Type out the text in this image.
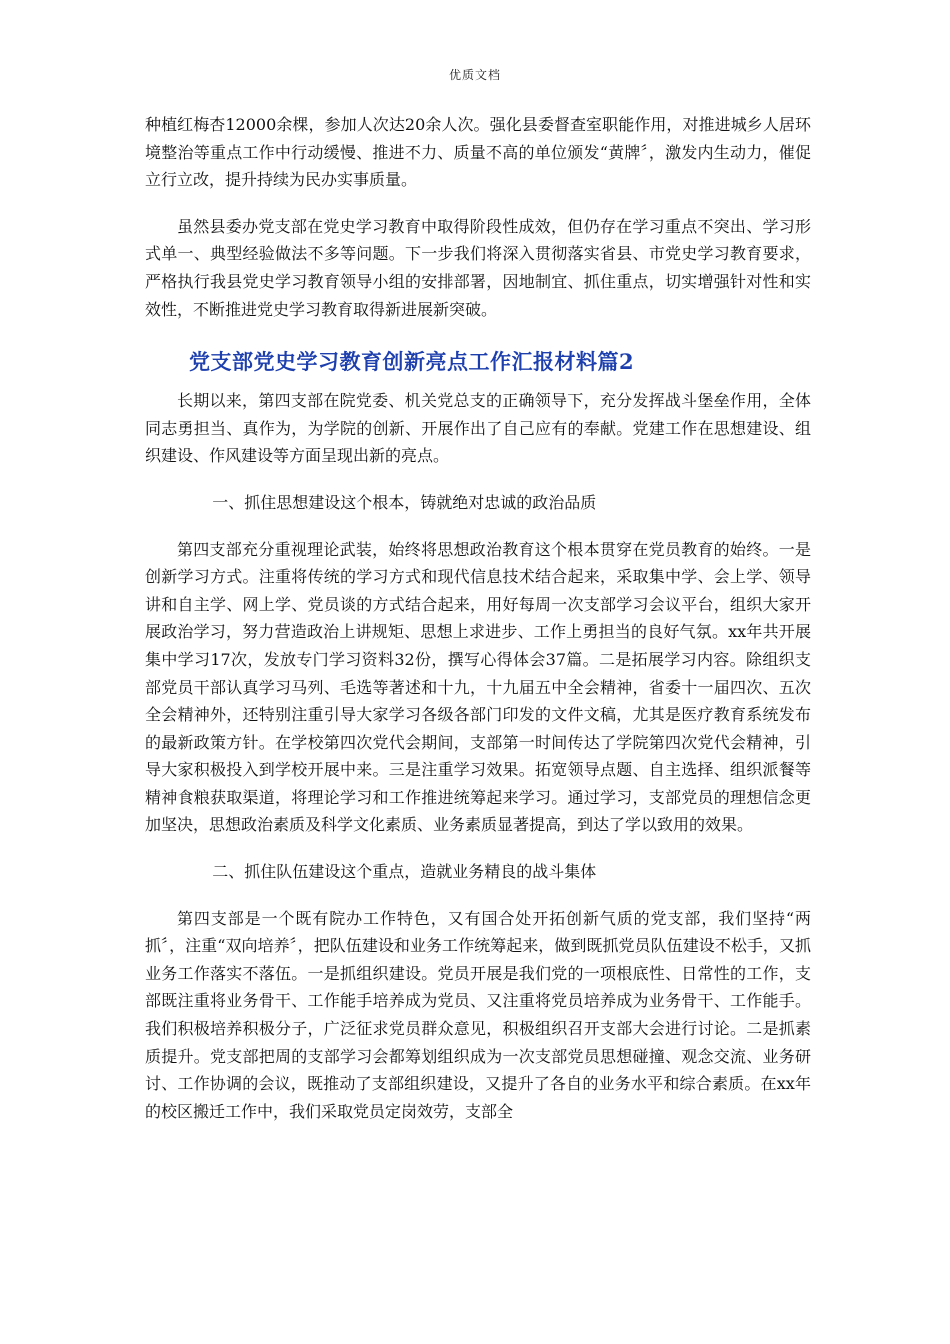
优质文档

种植红梅杏12000余棵，参加人次达20余人次。强化县委督查室职能作用，对推进城乡人居环境整治等重点工作中行动缓慢、推进不力、质量不高的单位颁发“黄牌〞，激发内生动力，催促立行立改，提升持续为民办实事质量。

虽然县委办党支部在党史学习教育中取得阶段性成效，但仍存在学习重点不突出、学习形式单一、典型经验做法不多等问题。下一步我们将深入贯彻落实省县、市党史学习教育要求，严格执行我县党史学习教育领导小组的安排部署，因地制宜、抓住重点，切实增强针对性和实效性，不断推进党史学习教育取得新进展新突破。

党支部党史学习教育创新亮点工作汇报材料篇2

长期以来，第四支部在院党委、机关党总支的正确领导下，充分发挥战斗堡垒作用，全体同志勇担当、真作为，为学院的创新、开展作出了自己应有的奉献。党建工作在思想建设、组织建设、作风建设等方面呈现出新的亮点。

一、抓住思想建设这个根本，铸就绝对忠诚的政治品质

第四支部充分重视理论武装，始终将思想政治教育这个根本贯穿在党员教育的始终。一是创新学习方式。注重将传统的学习方式和现代信息技术结合起来，采取集中学、会上学、领导讲和自主学、网上学、党员谈的方式结合起来，用好每周一次支部学习会议平台，组织大家开展政治学习，努力营造政治上讲规矩、思想上求进步、工作上勇担当的良好气氛。xx年共开展集中学习17次，发放专门学习资料32份，撰写心得体会37篇。二是拓展学习内容。除组织支部党员干部认真学习马列、毛选等著述和十九，十九届五中全会精神，省委十一届四次、五次全会精神外，还特别注重引导大家学习各级各部门印发的文件文稿，尤其是医疗教育系统发布的最新政策方针。在学校第四次党代会期间，支部第一时间传达了学院第四次党代会精神，引导大家积极投入到学校开展中来。三是注重学习效果。拓宽领导点题、自主选择、组织派餐等精神食粮获取渠道，将理论学习和工作推进统筹起来学习。通过学习，支部党员的理想信念更加坚决，思想政治素质及科学文化素质、业务素质显著提高，到达了学以致用的效果。

二、抓住队伍建设这个重点，造就业务精良的战斗集体

第四支部是一个既有院办工作特色，又有国合处开拓创新气质的党支部，我们坚持“两抓〞，注重“双向培养〞，把队伍建设和业务工作统筹起来，做到既抓党员队伍建设不松手，又抓业务工作落实不落伍。一是抓组织建设。党员开展是我们党的一项根底性、日常性的工作，支部既注重将业务骨干、工作能手培养成为党员、又注重将党员培养成为业务骨干、工作能手。我们积极培养积极分子，广泛征求党员群众意见，积极组织召开支部大会进行讨论。二是抓素质提升。党支部把周的支部学习会都筹划组织成为一次支部党员思想碰撞、观念交流、业务研讨、工作协调的会议，既推动了支部组织建设，又提升了各自的业务水平和综合素质。在xx年的校区搬迁工作中，我们采取党员定岗效劳，支部全
